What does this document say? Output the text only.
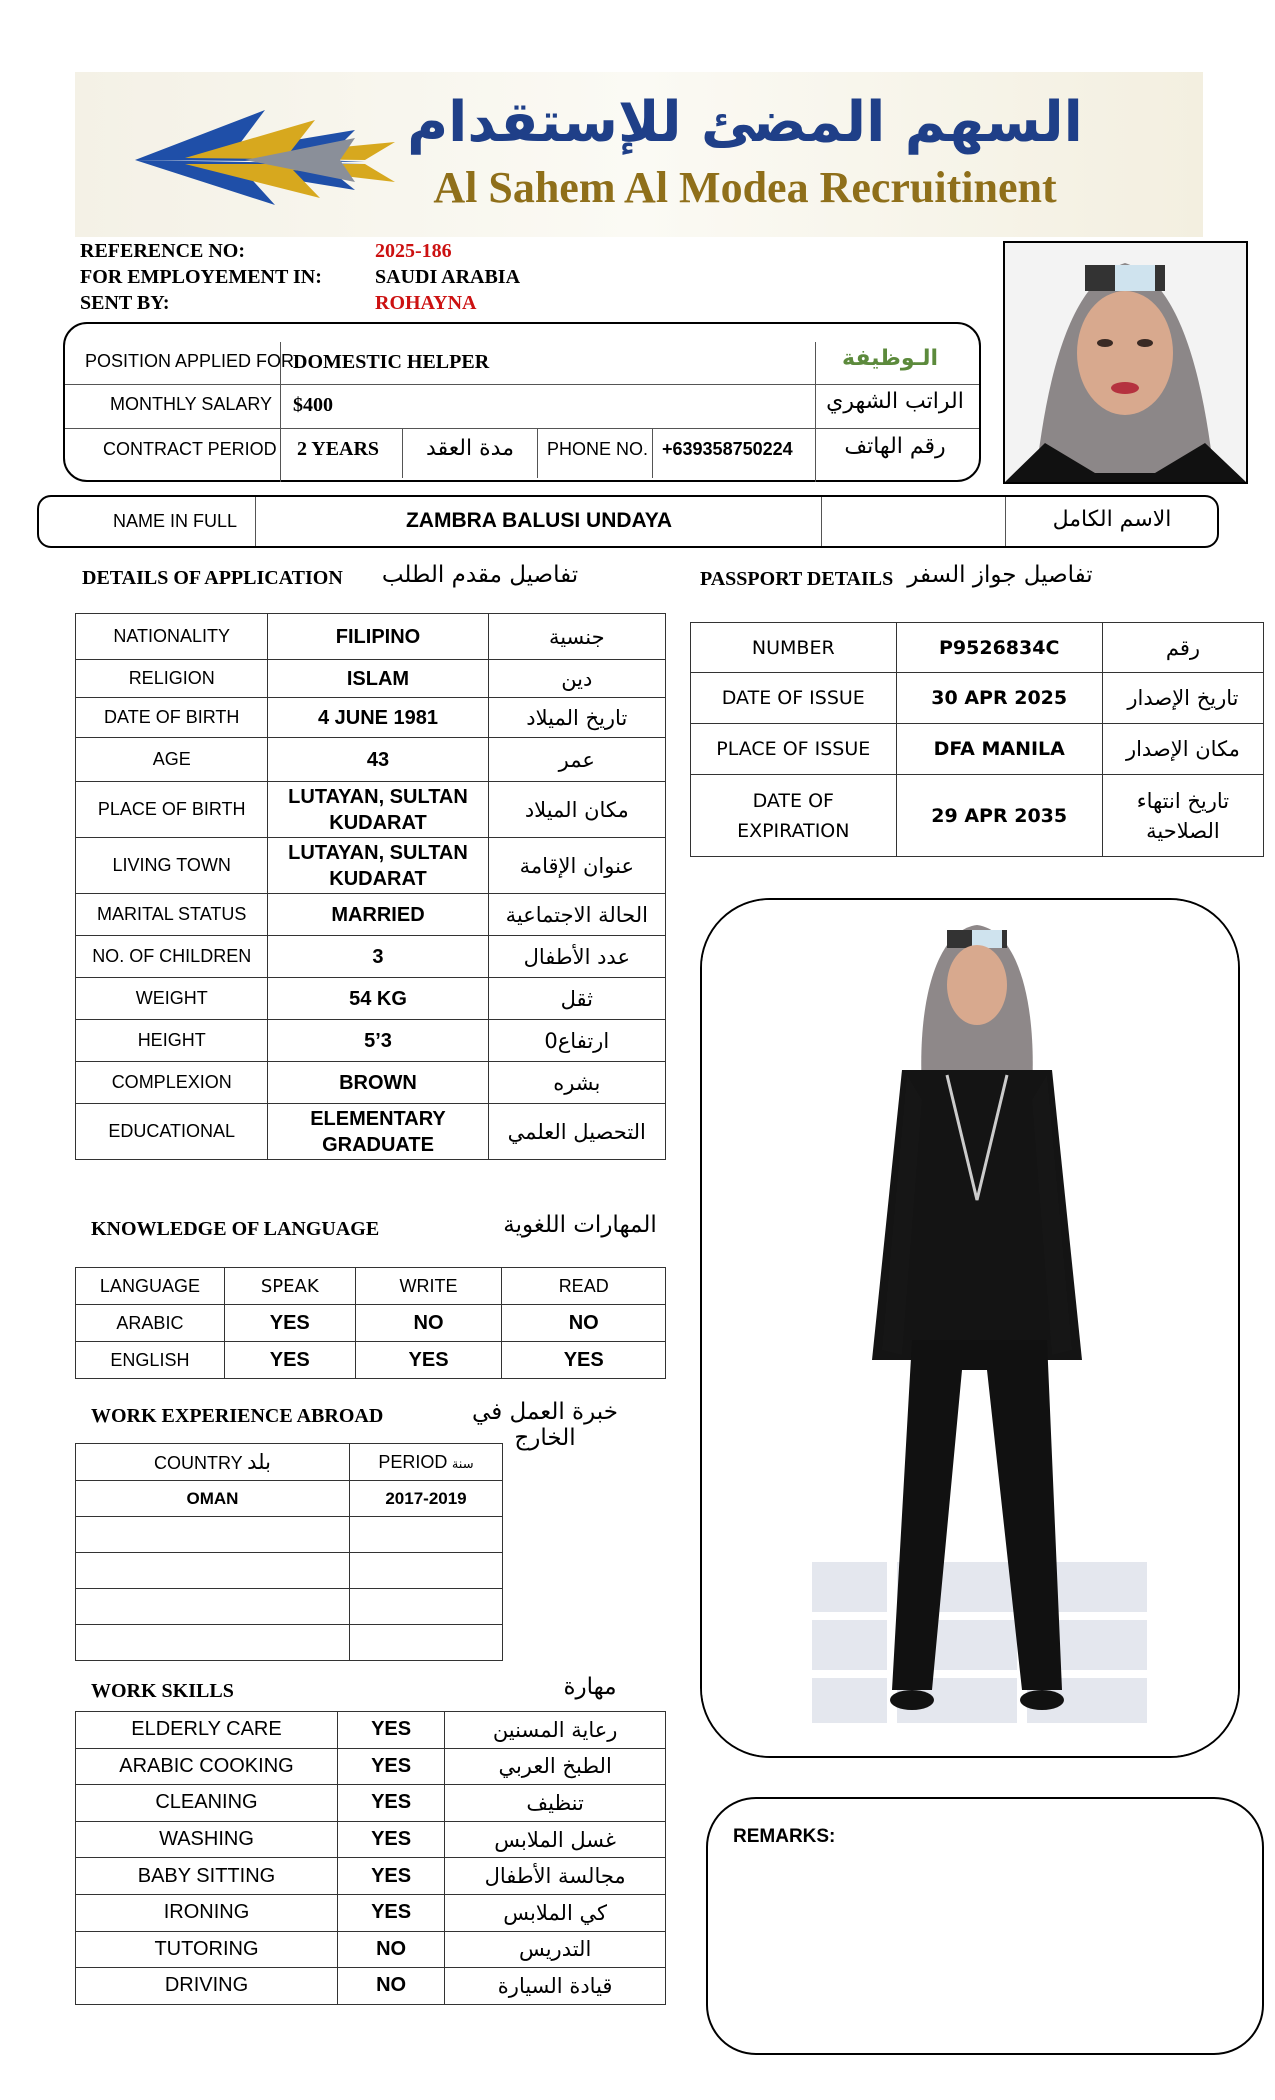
السهم المضئ للإستقدام
Al Sahem Al Modea Recruitinent
REFERENCE NO:	2025-186
FOR EMPLOYEMENT IN:	SAUDI ARABIA
SENT BY:	ROHAYNA
POSITION APPLIED FOR
DOMESTIC HELPER	الـوظيفة
MONTHLY SALARY $400	الراتب الشهري
CONTRACT PERIOD 2 YEARS	مدة العقد	PHONE NO. +639358750224	رقم الهاتف
NAME IN FULL	ZAMBRA BALUSI UNDAYA	الاسم الكامل
DETAILS OF APPLICATION تفاصيل مقدم الطلب
NATIONALITY	FILIPINO	جنسية
RELIGION	ISLAM	دين
DATE OF BIRTH	4 JUNE 1981	تاريخ الميلاد
AGE	43	عمر
PLACE OF BIRTH	LUTAYAN, SULTAN KUDARAT	مكان الميلاد
LIVING TOWN	LUTAYAN, SULTAN KUDARAT	عنوان الإقامة
MARITAL STATUS	MARRIED	الحالة الاجتماعية
NO. OF CHILDREN	3	عدد الأطفال
WEIGHT	54 KG	ثقل
HEIGHT	5’3	ارتفاع0
COMPLEXION	BROWN	بشره
EDUCATIONAL	ELEMENTARY GRADUATE	التحصيل العلمي
PASSPORT DETAILS تفاصيل جواز السفر
NUMBER	P9526834C	رقم
DATE OF ISSUE	30 APR 2025	تاريخ الإصدار
PLACE OF ISSUE	DFA MANILA	مكان الإصدار
DATE OF EXPIRATION	29 APR 2035	تاريخ انتهاء الصلاحية
KNOWLEDGE OF LANGUAGE	المهارات اللغوية
LANGUAGE	SPEAK	WRITE	READ
ARABIC	YES	NO	NO
ENGLISH	YES	YES	YES
WORK EXPERIENCE ABROAD	خبرة العمل في الخارج
COUNTRY بلد	PERIOD سنة
OMAN	2017-2019

WORK SKILLS	مهارة
ELDERLY CARE	YES	رعاية المسنين
ARABIC COOKING	YES	الطبخ العربي
CLEANING	YES	تنظيف
WASHING	YES	غسل الملابس
BABY SITTING	YES	مجالسة الأطفال
IRONING	YES	كي الملابس
TUTORING	NO	التدريس
DRIVING	NO	قيادة السيارة
REMARKS:
